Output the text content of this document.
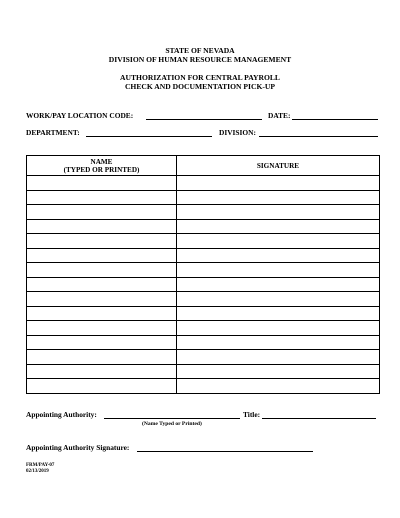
STATE OF NEVADA
DIVISION OF HUMAN RESOURCE MANAGEMENT
AUTHORIZATION FOR CENTRAL PAYROLL
CHECK AND DOCUMENTATION PICK-UP
WORK/PAY LOCATION CODE:	DATE:
DEPARTMENT:	DIVISION:
NAME
(TYPED OR PRINTED)	SIGNATURE

Appointing Authority:
(Name Typed or Printed)
Title:
Appointing Authority Signature:
FRM/PAY-07
02/13/2019
